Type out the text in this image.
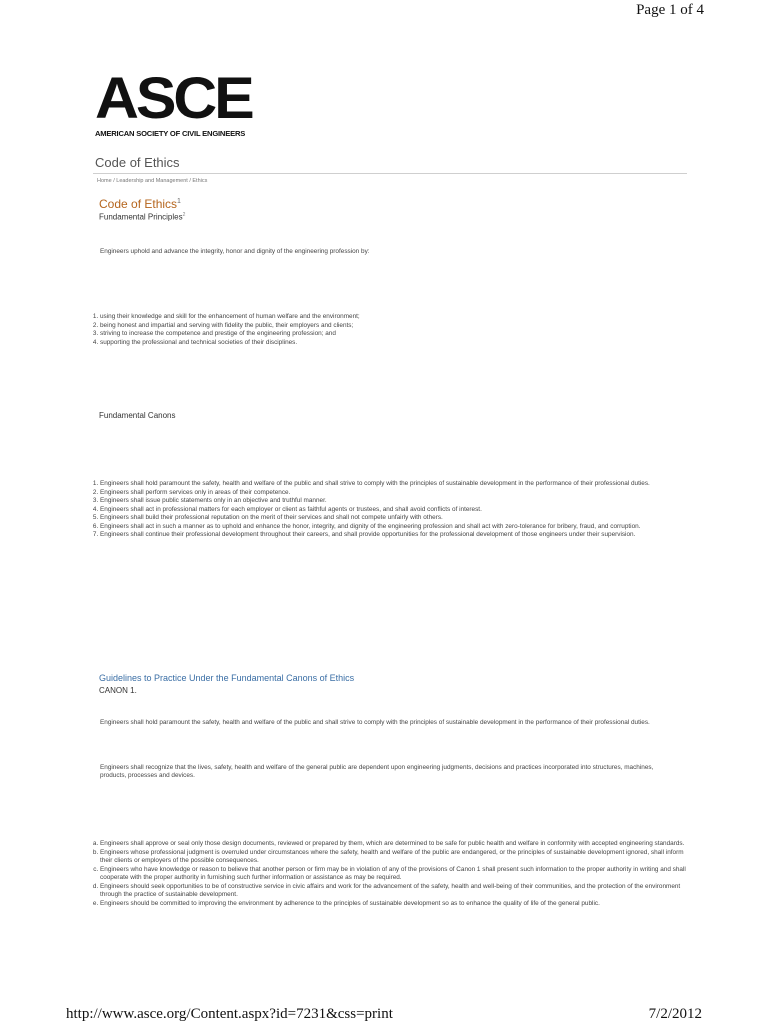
Page 1 of 4
ASCE
AMERICAN SOCIETY OF CIVIL ENGINEERS
Code of Ethics
Home / Leadership and Management / Ethics
Code of Ethics$^1$
Fundamental Principles$^2$
Engineers uphold and advance the integrity, honor and dignity of the engineering profession by:
1. using their knowledge and skill for the enhancement of human welfare and the environment;
2. being honest and impartial and serving with fidelity the public, their employers and clients;
3. striving to increase the competence and prestige of the engineering profession; and
4. supporting the professional and technical societies of their disciplines.
Fundamental Canons
1. Engineers shall hold paramount the safety, health and welfare of the public and shall strive to comply with the principles of sustainable development in the performance of their professional duties.
2. Engineers shall perform services only in areas of their competence.
3. Engineers shall issue public statements only in an objective and truthful manner.
4. Engineers shall act in professional matters for each employer or client as faithful agents or trustees, and shall avoid conflicts of interest.
5. Engineers shall build their professional reputation on the merit of their services and shall not compete unfairly with others.
6. Engineers shall act in such a manner as to uphold and enhance the honor, integrity, and dignity of the engineering profession and shall act with zero-tolerance for bribery, fraud, and corruption.
7. Engineers shall continue their professional development throughout their careers, and shall provide opportunities for the professional development of those engineers under their supervision.
Guidelines to Practice Under the Fundamental Canons of Ethics
CANON 1.
Engineers shall hold paramount the safety, health and welfare of the public and shall strive to comply with the principles of sustainable development in the performance of their professional duties.
Engineers shall recognize that the lives, safety, health and welfare of the general public are dependent upon engineering judgments, decisions and practices incorporated into structures, machines, products, processes and devices.
a. Engineers shall approve or seal only those design documents, reviewed or prepared by them, which are determined to be safe for public health and welfare in conformity with accepted engineering standards.
b. Engineers whose professional judgment is overruled under circumstances where the safety, health and welfare of the public are endangered, or the principles of sustainable development ignored, shall inform their clients or employers of the possible consequences.
c. Engineers who have knowledge or reason to believe that another person or firm may be in violation of any of the provisions of Canon 1 shall present such information to the proper authority in writing and shall cooperate with the proper authority in furnishing such further information or assistance as may be required.
d. Engineers should seek opportunities to be of constructive service in civic affairs and work for the advancement of the safety, health and well-being of their communities, and the protection of the environment through the practice of sustainable development.
e. Engineers should be committed to improving the environment by adherence to the principles of sustainable development so as to enhance the quality of life of the general public.
http://www.asce.org/Content.aspx?id=7231&css=print	7/2/2012
